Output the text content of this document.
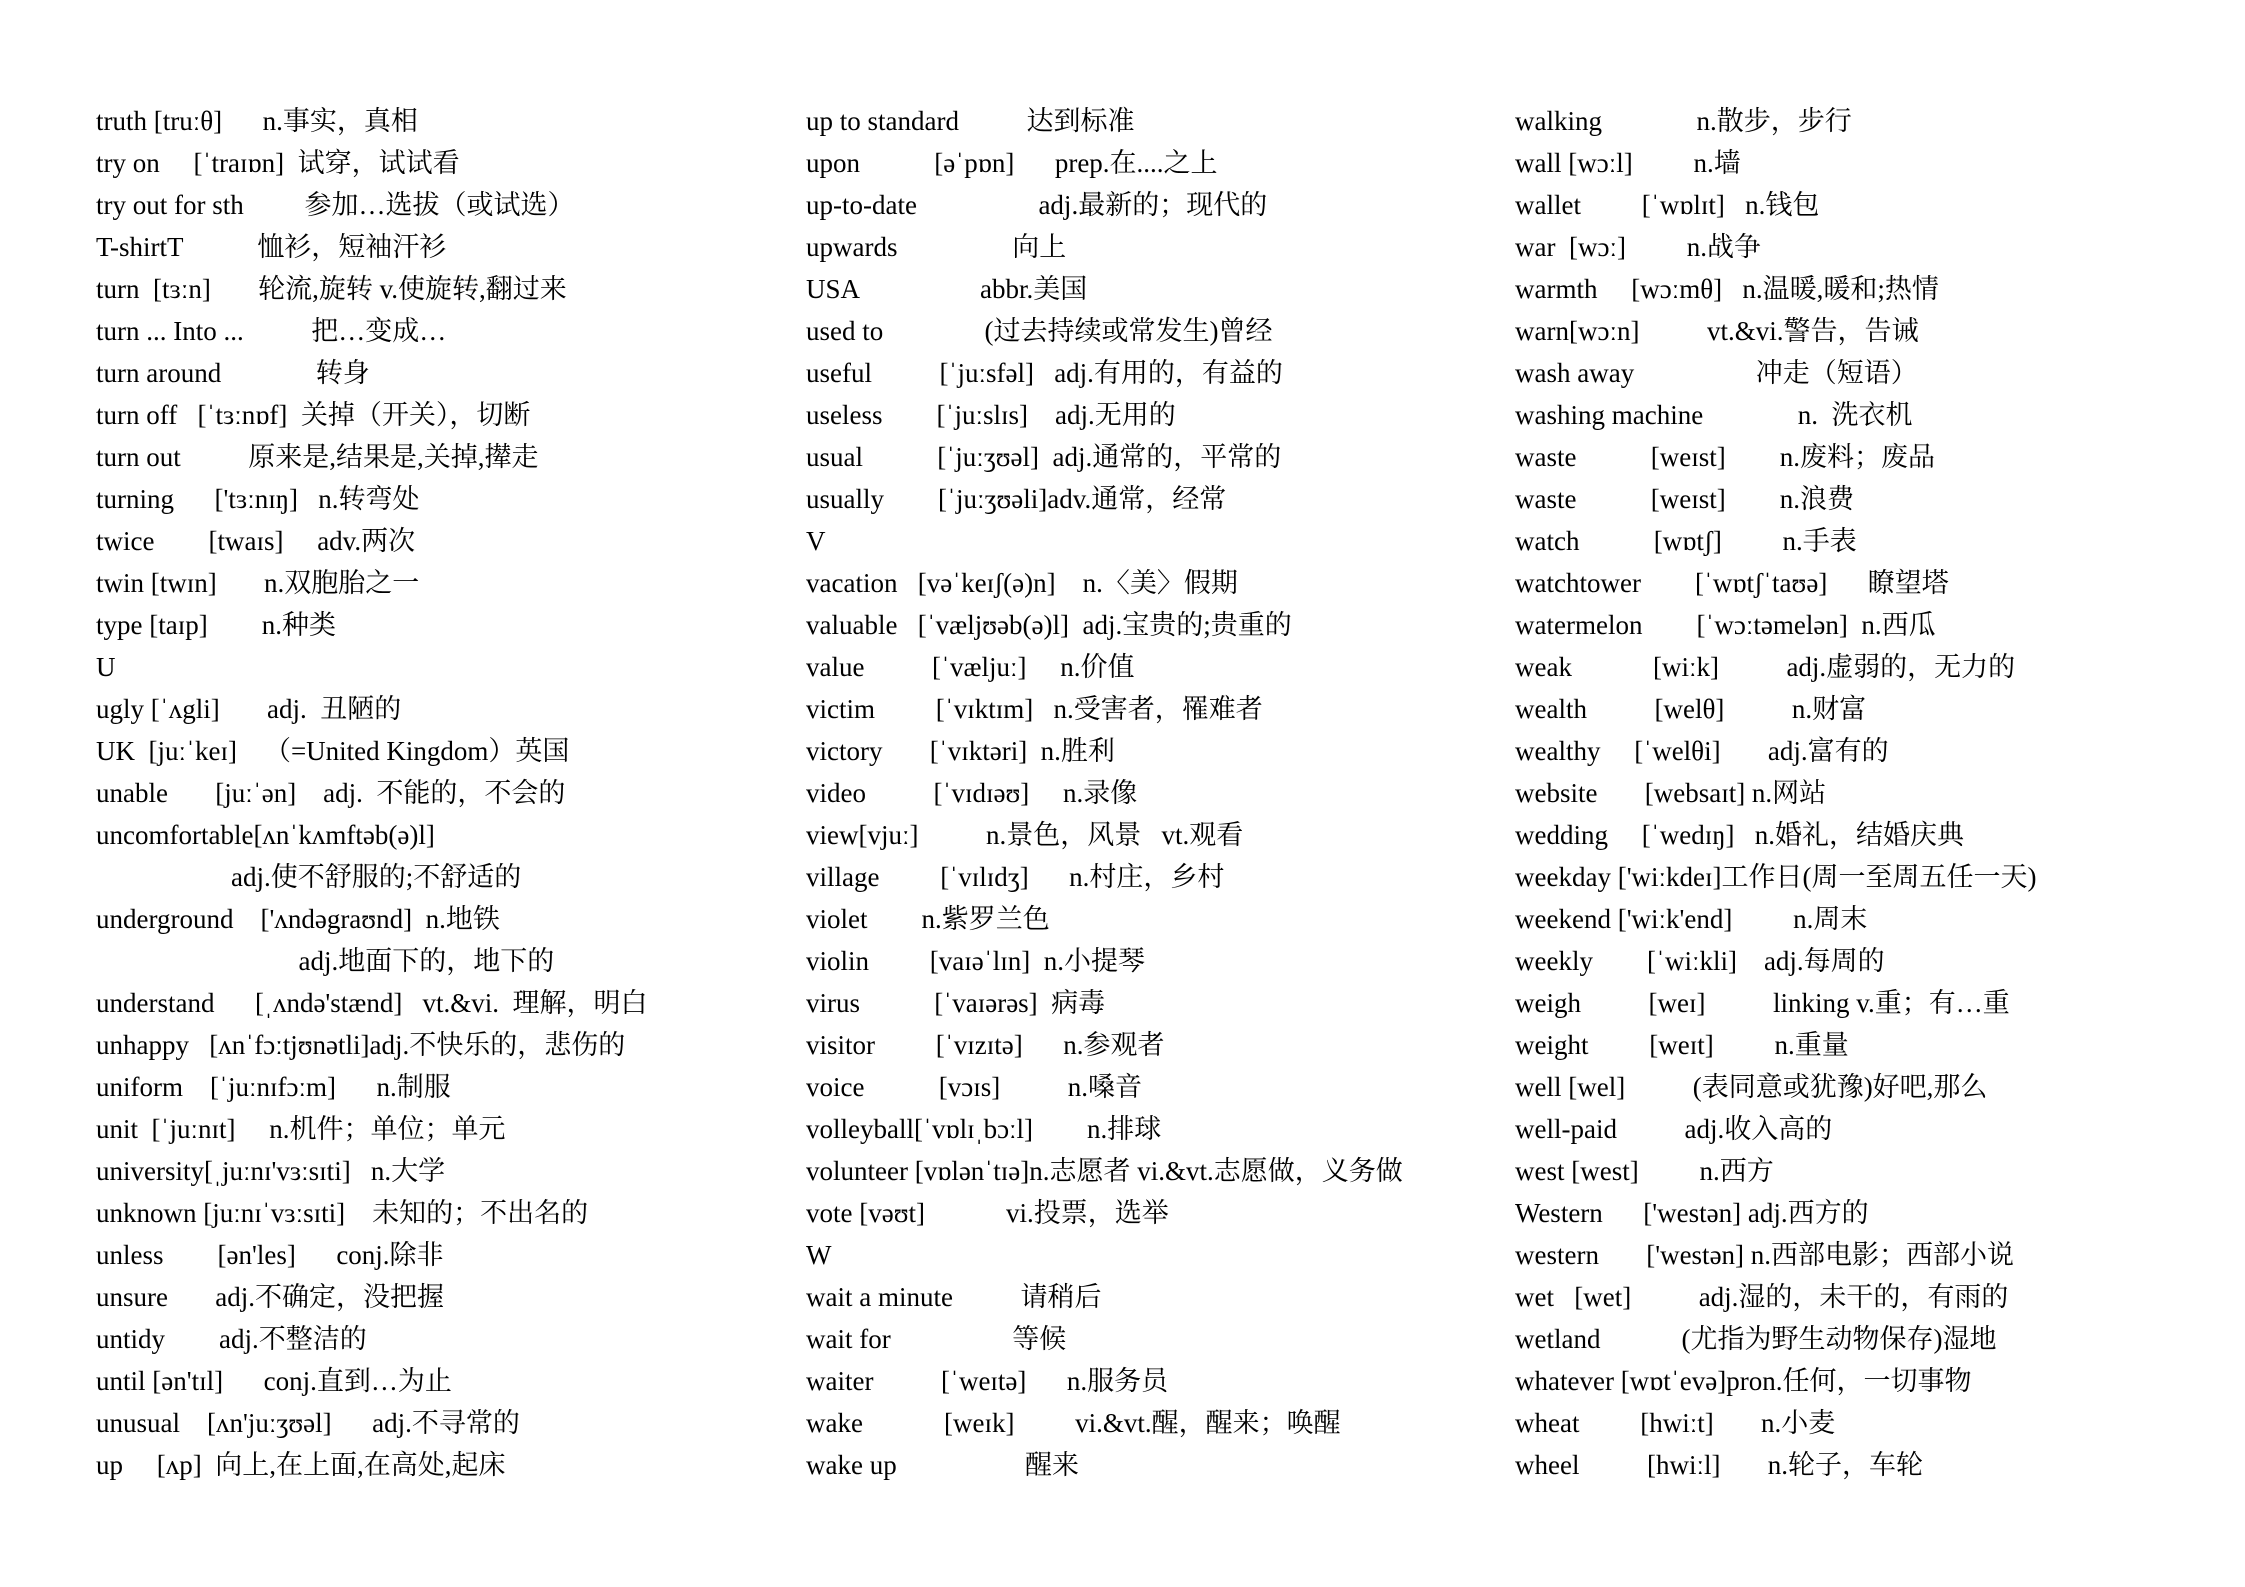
truth [truːθ]      n.事实，真相
try on     [ˈtraɪɒn]  试穿，试试看
try out for sth         参加…选拔（或试选）
T-shirtT           恤衫，短袖汗衫
turn  [tɜːn]       轮流,旋转 v.使旋转,翻过来
turn ... Into ...          把…变成…
turn around              转身
turn off   [ˈtɜːnɒf]  关掉（开关），切断
turn out          原来是,结果是,关掉,撵走
turning      ['tɜːnɪŋ]   n.转弯处
twice        [twaɪs]     adv.两次
twin [twɪn]       n.双胞胎之一
type [taɪp]        n.种类
U
ugly [ˈʌgli]       adj.  丑陋的
UK  [juːˈkeɪ]    （=United Kingdom）英国
unable       [juːˈən]    adj.  不能的，不会的
uncomfortable[ʌnˈkʌmftəb(ə)l]
adj.使不舒服的;不舒适的
underground    ['ʌndəgraʊnd]  n.地铁
adj.地面下的，地下的
understand      [ˌʌndə'stænd]   vt.&vi.  理解，明白
unhappy   [ʌnˈfɔːtjʊnətli]adj.不快乐的，悲伤的
uniform    [ˈjuːnɪfɔːm]      n.制服
unit  [ˈjuːnɪt]     n.机件；单位；单元
university[ˌjuːnɪ'vɜːsɪti]   n.大学
unknown [juːnɪˈvɜːsɪti]    未知的；不出名的
unless        [ən'les]      conj.除非
unsure       adj.不确定，没把握
untidy        adj.不整洁的
until [ən'tɪl]      conj.直到…为止
unusual    [ʌn'juːʒʊəl]      adj.不寻常的
up     [ʌp]  向上,在上面,在高处,起床
up to standard          达到标准
upon           [əˈpɒn]      prep.在....之上
up-to-date                  adj.最新的；现代的
upwards                 向上
USA                  abbr.美国
used to               (过去持续或常发生)曾经
useful          [ˈjuːsfəl]   adj.有用的，有益的
useless        [ˈjuːslɪs]    adj.无用的
usual           [ˈjuːʒʊəl]  adj.通常的，平常的
usually        [ˈjuːʒʊəli]adv.通常，经常
V
vacation   [vəˈkeɪʃ(ə)n]    n.〈美〉假期
valuable   [ˈvæljʊəb(ə)l]  adj.宝贵的;贵重的
value          [ˈvæljuː]     n.价值
victim         [ˈvɪktɪm]   n.受害者，罹难者
victory       [ˈvɪktəri]  n.胜利
video          [ˈvɪdɪəʊ]     n.录像
view[vjuː]          n.景色，风景   vt.观看
village         [ˈvɪlɪdʒ]      n.村庄，乡村
violet        n.紫罗兰色
violin         [vaɪəˈlɪn]  n.小提琴
virus           [ˈvaɪərəs]  病毒
visitor         [ˈvɪzɪtə]      n.参观者
voice           [vɔɪs]          n.嗓音
volleyball[ˈvɒlɪˌbɔːl]        n.排球
volunteer [vɒlənˈtɪə]n.志愿者 vi.&vt.志愿做，义务做
vote [vəʊt]            vi.投票，选举
W
wait a minute          请稍后
wait for                  等候
waiter          [ˈweɪtə]      n.服务员
wake            [weɪk]         vi.&vt.醒，醒来；唤醒
wake up                   醒来
walking              n.散步，步行
wall [wɔːl]         n.墙
wallet         [ˈwɒlɪt]   n.钱包
war  [wɔː]         n.战争
warmth     [wɔːmθ]   n.温暖,暖和;热情
warn[wɔːn]          vt.&vi.警告，告诫
wash away                  冲走（短语）
washing machine              n.  洗衣机
waste           [weɪst]        n.废料；废品
waste           [weɪst]        n.浪费
watch           [wɒtʃ]         n.手表
watchtower        [ˈwɒtʃˈtaʊə]      瞭望塔
watermelon        [ˈwɔːtəmelən]  n.西瓜
weak            [wiːk]          adj.虚弱的，无力的
wealth          [welθ]          n.财富
wealthy     [ˈwelθi]       adj.富有的
website       [websaɪt] n.网站
wedding     [ˈwedɪŋ]   n.婚礼，结婚庆典
weekday ['wiːkdeɪ]工作日(周一至周五任一天)
weekend ['wiːk'end]         n.周末
weekly        [ˈwiːkli]    adj.每周的
weigh          [weɪ]          linking v.重；有…重
weight         [weɪt]         n.重量
well [wel]          (表同意或犹豫)好吧,那么
well-paid          adj.收入高的
west [west]         n.西方
Western      ['westən] adj.西方的
western       ['westən] n.西部电影；西部小说
wet   [wet]          adj.湿的，未干的，有雨的
wetland            (尤指为野生动物保存)湿地
whatever [wɒtˈevə]pron.任何，一切事物
wheat         [hwiːt]       n.小麦
wheel          [hwiːl]       n.轮子，车轮
